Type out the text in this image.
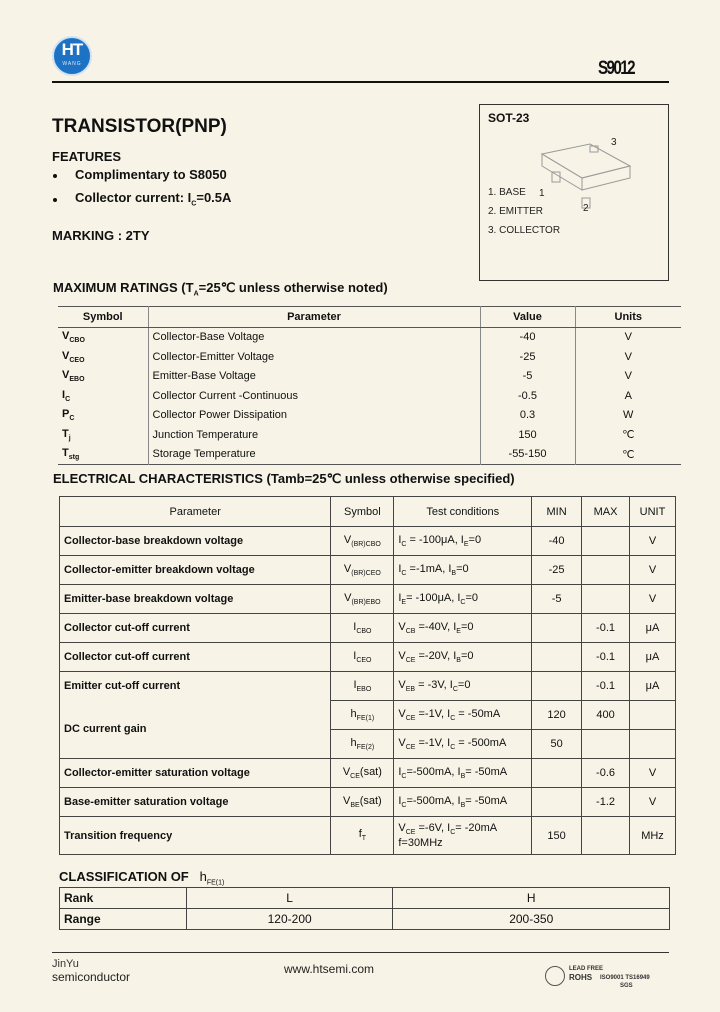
HT
WANG	S9012
TRANSISTOR(PNP)
FEATURES
Complimentary to S8050
Collector current: $I_C=0.5A$
MARKING : 2TY
SOT-23
3
1
2
1. BASE
2. EMITTER
3. COLLECTOR
MAXIMUM RATINGS ($T_A=25℃$ unless otherwise noted)
Symbol	Parameter	Value	Units
$V_{CBO}$	Collector-Base Voltage	-40	V
$V_{CEO}$	Collector-Emitter Voltage	-25	V
$V_{EBO}$	Emitter-Base Voltage	-5	V
$I_C$	Collector Current -Continuous	-0.5	A
$P_C$	Collector Power Dissipation	0.3	W
$T_j$	Junction Temperature	150	℃
$T_{stg}$	Storage Temperature	-55-150	℃
ELECTRICAL CHARACTERISTICS (Tamb=25℃ unless otherwise specified)
Parameter	Symbol	Test conditions	MIN	MAX	UNIT
Collector-base breakdown voltage	$V_{(BR)CBO}$	$I_C = -100\mu A$, $I_E=0$	-40		V
Collector-emitter breakdown voltage	$V_{(BR)CEO}$	$I_C =-1mA$, $I_B=0$	-25		V
Emitter-base breakdown voltage	$V_{(BR)EBO}$	$I_E= -100\mu A$, $I_C=0$	-5		V
Collector cut-off current	$I_{CBO}$	$V_{CB} =-40V$, $I_E=0$		-0.1	μA
Collector cut-off current	$I_{CEO}$	$V_{CE} =-20V$, $I_B=0$		-0.1	μA
Emitter cut-off current	$I_{EBO}$	$V_{EB} = -3V$, $I_C=0$		-0.1	μA
DC current gain	$h_{FE(1)}$	$V_{CE} =-1V$, $I_C = -50mA$	120	400	
	$h_{FE(2)}$	$V_{CE} =-1V$, $I_C = -500mA$	50		
Collector-emitter saturation voltage	$V_{CE}(sat)$	$I_C=-500mA$, $I_B= -50mA$		-0.6	V
Base-emitter saturation voltage	$V_{BE}(sat)$	$I_C=-500mA$, $I_B= -50mA$		-1.2	V
Transition frequency	$f_T$	$V_{CE} =-6V$, $I_C= -20mA$
f=30MHz	150		MHz
CLASSIFICATION OF $h_{FE(1)}$
Rank	L	H
Range	120-200	200-350
JinYu
semiconductor
www.htsemi.com	LEAD FREE
ROHS ISO9001 TS16949
SGS
